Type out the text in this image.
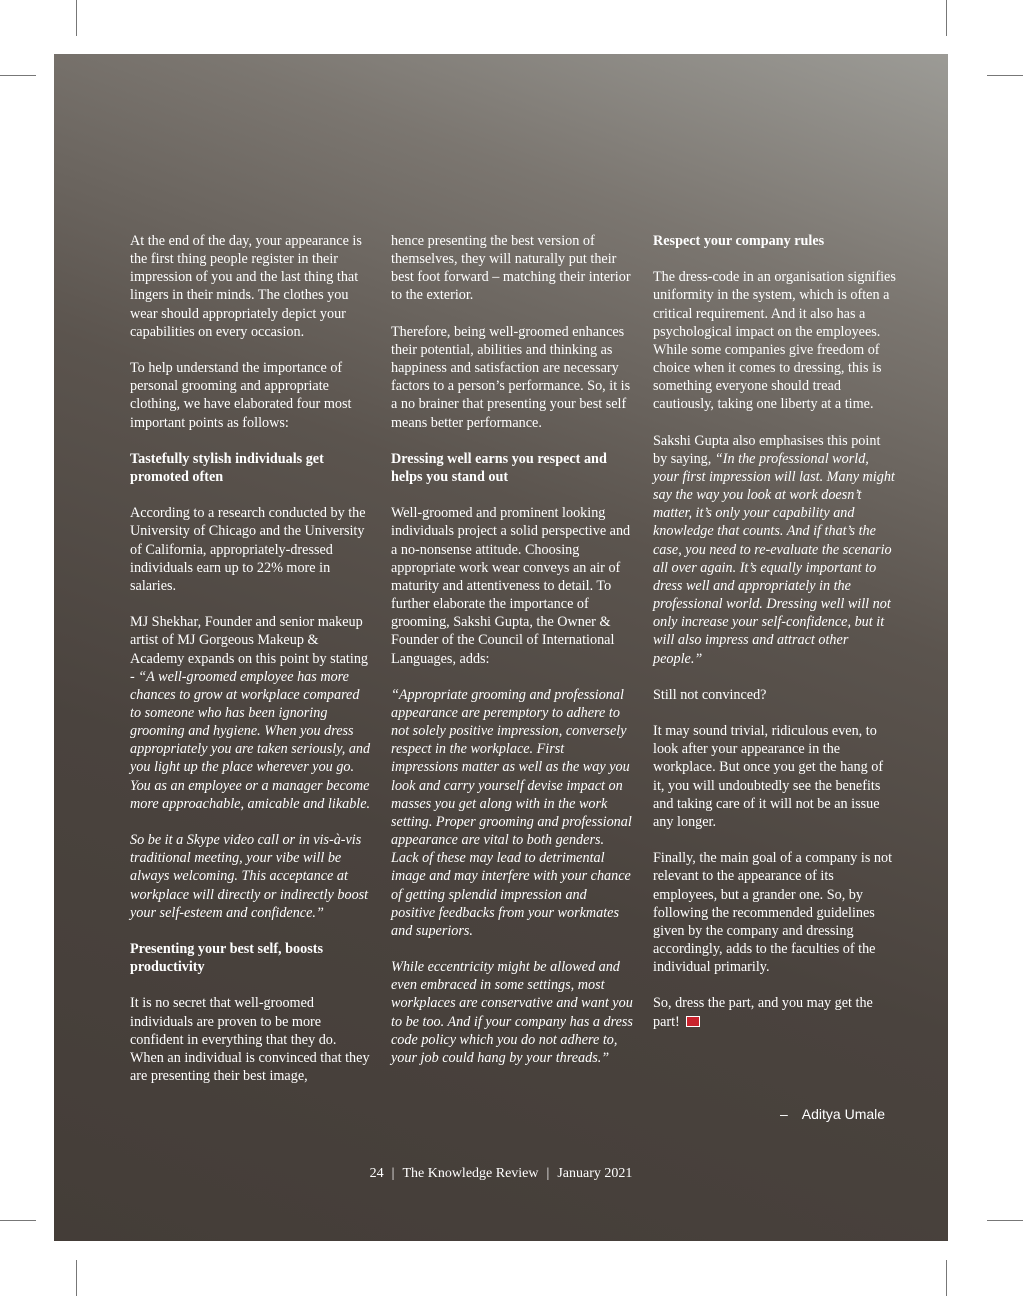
At the end of the day, your appearance is the first thing people register in their impression of you and the last thing that lingers in their minds. The clothes you wear should appropriately depict your capabilities on every occasion.

To help understand the importance of personal grooming and appropriate clothing, we have elaborated four most important points as follows:

Tastefully stylish individuals get promoted often

According to a research conducted by the University of Chicago and the University of California, appropriately-dressed individuals earn up to 22% more in salaries.

MJ Shekhar, Founder and senior makeup artist of MJ Gorgeous Makeup & Academy expands on this point by stating - “A well-groomed employee has more chances to grow at workplace compared to someone who has been ignoring grooming and hygiene. When you dress appropriately you are taken seriously, and you light up the place wherever you go. You as an employee or a manager become more approachable, amicable and likable.

So be it a Skype video call or in vis-à-vis traditional meeting, your vibe will be always welcoming. This acceptance at workplace will directly or indirectly boost your self-esteem and confidence.”

Presenting your best self, boosts productivity

It is no secret that well-groomed individuals are proven to be more confident in everything that they do. When an individual is convinced that they are presenting their best image,

hence presenting the best version of themselves, they will naturally put their best foot forward – matching their interior to the exterior.

Therefore, being well-groomed enhances their potential, abilities and thinking as happiness and satisfaction are necessary factors to a person’s performance. So, it is a no brainer that presenting your best self means better performance.

Dressing well earns you respect and helps you stand out

Well-groomed and prominent looking individuals project a solid perspective and a no-nonsense attitude. Choosing appropriate work wear conveys an air of maturity and attentiveness to detail. To further elaborate the importance of grooming, Sakshi Gupta, the Owner & Founder of the Council of International Languages, adds:

“Appropriate grooming and professional appearance are peremptory to adhere to not solely positive impression, conversely respect in the workplace. First impressions matter as well as the way you look and carry yourself devise impact on masses you get along with in the work setting. Proper grooming and professional appearance are vital to both genders. Lack of these may lead to detrimental image and may interfere with your chance of getting splendid impression and positive feedbacks from your workmates and superiors.

While eccentricity might be allowed and even embraced in some settings, most workplaces are conservative and want you to be too. And if your company has a dress code policy which you do not adhere to, your job could hang by your threads.”

Respect your company rules

The dress-code in an organisation signifies uniformity in the system, which is often a critical requirement. And it also has a psychological impact on the employees. While some companies give freedom of choice when it comes to dressing, this is something everyone should tread cautiously, taking one liberty at a time.

Sakshi Gupta also emphasises this point by saying, “In the professional world, your first impression will last. Many might say the way you look at work doesn’t matter, it’s only your capability and knowledge that counts. And if that’s the case, you need to re-evaluate the scenario all over again. It’s equally important to dress well and appropriately in the professional world. Dressing well will not only increase your self-confidence, but it will also impress and attract other people.”

Still not convinced?

It may sound trivial, ridiculous even, to look after your appearance in the workplace. But once you get the hang of it, you will undoubtedly see the benefits and taking care of it will not be an issue any longer.

Finally, the main goal of a company is not relevant to the appearance of its employees, but a grander one. So, by following the recommended guidelines given by the company and dressing accordingly, adds to the faculties of the individual primarily.

So, dress the part, and you may get the part!

– Aditya Umale
24 | The Knowledge Review | January 2021
